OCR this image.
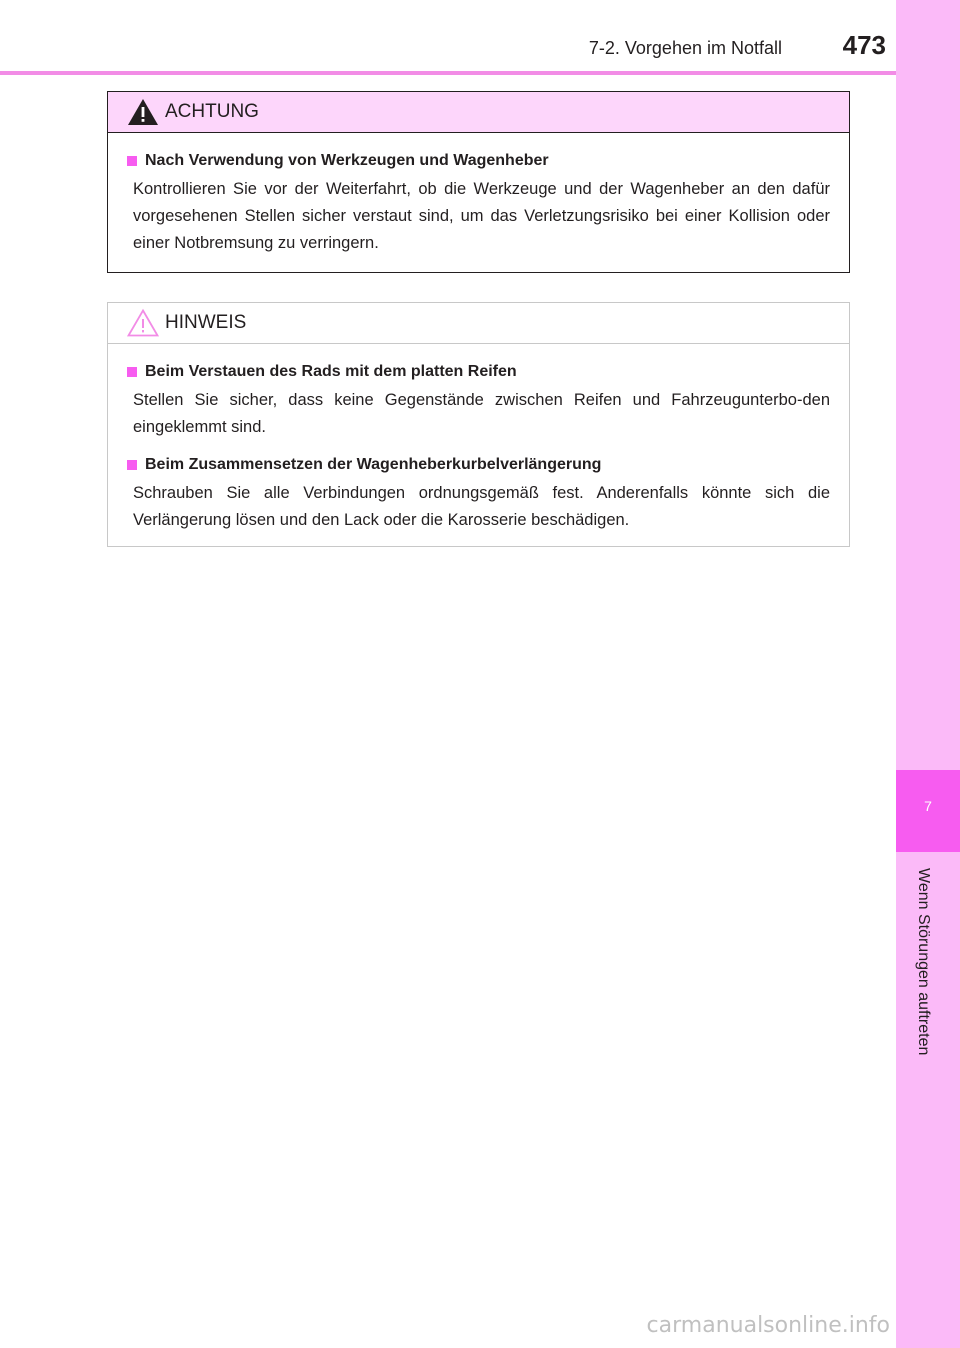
7-2. Vorgehen im Notfall	473
7
Wenn Störungen auftreten
ACHTUNG
Nach Verwendung von Werkzeugen und Wagenheber
Kontrollieren Sie vor der Weiterfahrt, ob die Werkzeuge und der Wagenheber an den dafür vorgesehenen Stellen sicher verstaut sind, um das Verletzungsrisiko bei einer Kollision oder einer Notbremsung zu verringern.
HINWEIS
Beim Verstauen des Rads mit dem platten Reifen
Stellen Sie sicher, dass keine Gegenstände zwischen Reifen und Fahrzeugunterbo-den eingeklemmt sind.
Beim Zusammensetzen der Wagenheberkurbelverlängerung
Schrauben Sie alle Verbindungen ordnungsgemäß fest. Anderenfalls könnte sich die Verlängerung lösen und den Lack oder die Karosserie beschädigen.
carmanualsonline.info
